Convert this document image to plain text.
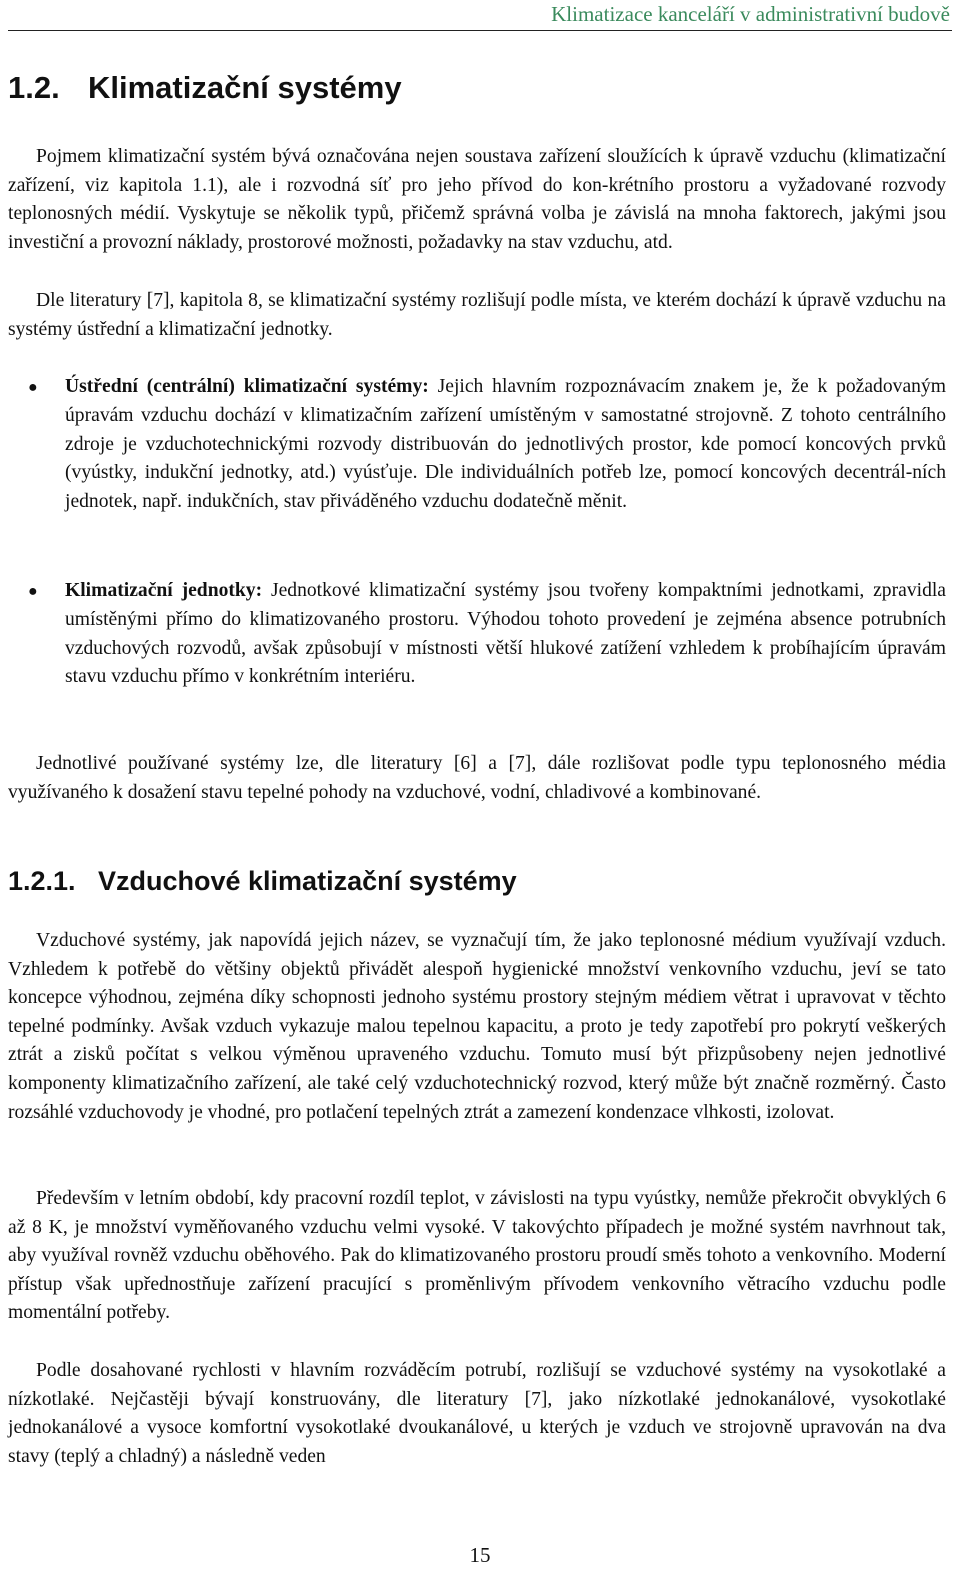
Klimatizace kanceláří v administrativní budově
1.2. Klimatizační systémy
Pojmem klimatizační systém bývá označována nejen soustava zařízení sloužících k úpravě vzduchu (klimatizační zařízení, viz kapitola 1.1), ale i rozvodná síť pro jeho přívod do kon-krétního prostoru a vyžadované rozvody teplonosných médií. Vyskytuje se několik typů, přičemž správná volba je závislá na mnoha faktorech, jakými jsou investiční a provozní náklady, prostorové možnosti, požadavky na stav vzduchu, atd.
Dle literatury [7], kapitola 8, se klimatizační systémy rozlišují podle místa, ve kterém dochází k úpravě vzduchu na systémy ústřední a klimatizační jednotky.
● Ústřední (centrální) klimatizační systémy: Jejich hlavním rozpoznávacím znakem je, že k požadovaným úpravám vzduchu dochází v klimatizačním zařízení umístěným v samostatné strojovně. Z tohoto centrálního zdroje je vzduchotechnickými rozvody distribuován do jednotlivých prostor, kde pomocí koncových prvků (vyústky, indukční jednotky, atd.) vyúsťuje. Dle individuálních potřeb lze, pomocí koncových decentrál-ních jednotek, např. indukčních, stav přiváděného vzduchu dodatečně měnit.
● Klimatizační jednotky: Jednotkové klimatizační systémy jsou tvořeny kompaktními jednotkami, zpravidla umístěnými přímo do klimatizovaného prostoru. Výhodou tohoto provedení je zejména absence potrubních vzduchových rozvodů, avšak způsobují v místnosti větší hlukové zatížení vzhledem k probíhajícím úpravám stavu vzduchu přímo v konkrétním interiéru.
Jednotlivé používané systémy lze, dle literatury [6] a [7], dále rozlišovat podle typu teplonosného média využívaného k dosažení stavu tepelné pohody na vzduchové, vodní, chladivové a kombinované.
1.2.1. Vzduchové klimatizační systémy
Vzduchové systémy, jak napovídá jejich název, se vyznačují tím, že jako teplonosné médium využívají vzduch. Vzhledem k potřebě do většiny objektů přivádět alespoň hygienické množství venkovního vzduchu, jeví se tato koncepce výhodnou, zejména díky schopnosti jednoho systému prostory stejným médiem větrat i upravovat v těchto tepelné podmínky. Avšak vzduch vykazuje malou tepelnou kapacitu, a proto je tedy zapotřebí pro pokrytí veškerých ztrát a zisků počítat s velkou výměnou upraveného vzduchu. Tomuto musí být přizpůsobeny nejen jednotlivé komponenty klimatizačního zařízení, ale také celý vzduchotechnický rozvod, který může být značně rozměrný. Často rozsáhlé vzduchovody je vhodné, pro potlačení tepelných ztrát a zamezení kondenzace vlhkosti, izolovat.
Především v letním období, kdy pracovní rozdíl teplot, v závislosti na typu vyústky, nemůže překročit obvyklých 6 až 8 K, je množství vyměňovaného vzduchu velmi vysoké. V takovýchto případech je možné systém navrhnout tak, aby využíval rovněž vzduchu oběhového. Pak do klimatizovaného prostoru proudí směs tohoto a venkovního. Moderní přístup však upřednostňuje zařízení pracující s proměnlivým přívodem venkovního větracího vzduchu podle momentální potřeby.
Podle dosahované rychlosti v hlavním rozváděcím potrubí, rozlišují se vzduchové systémy na vysokotlaké a nízkotlaké. Nejčastěji bývají konstruovány, dle literatury [7], jako nízkotlaké jednokanálové, vysokotlaké jednokanálové a vysoce komfortní vysokotlaké dvoukanálové, u kterých je vzduch ve strojovně upravován na dva stavy (teplý a chladný) a následně veden
15
